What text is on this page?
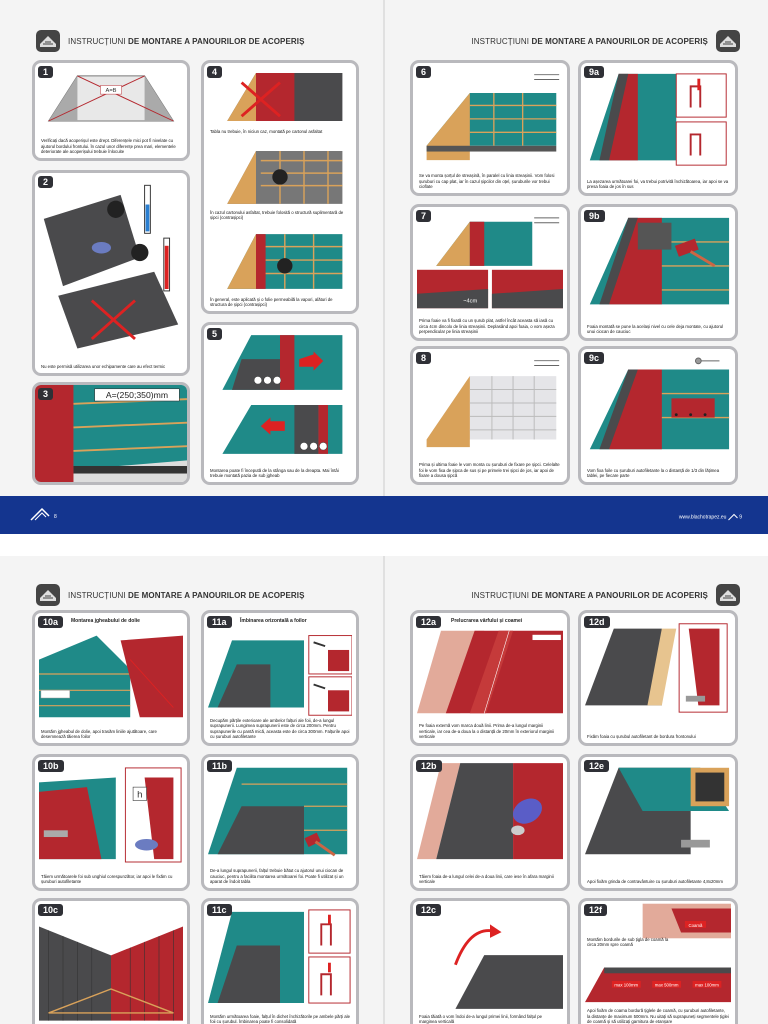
INSTRUCȚIUNI DE MONTARE A PANOURILOR DE ACOPERIȘ	INSTRUCȚIUNI DE MONTARE A PANOURILOR DE ACOPERIȘ
INSTRUCȚIUNI DE MONTARE A PANOURILOR DE ACOPERIȘ	INSTRUCȚIUNI DE MONTARE A PANOURILOR DE ACOPERIȘ
1
A=B
Verificați dacă acoperișul este drept. Diferențele mici pot fi nivelate cu ajutorul bordului frontului. În cazul unor diferențe prea mari, elementele deteriorate ale acoperișului trebuie înlocuite
2
Nu este permisă utilizarea unor echipamente care au efect termic
3	A=(250;350)mm
4
Tabla nu trebuie, în niciun caz, montată pe cartonul asfaltat
În cazul cartonului asfaltat, trebuie folosită o structură suplimentară de șipci (contrașipci)
În general, este aplicată și o folie permeabilă la vapori, alături de structura de șipci (contrașipci)
5
Montarea poate fi începută de la stânga sau de la dreapta. Mai întâi trebuie montată pazia de sub jgheab
6
Se va monta șorțul de streașină, în paralel cu linia streașinii. Vom folosi șuruburi cu cap plat, iar în cazul șipcilor din oțel, șuruburile vor trebui cioflate
7
~4cm
Prima foaie va fi fixată cu un șurub plat, astfel încât aceasta să iasă cu circa 4cm dincolo de linia streașinii. Deplasând apoi foaia, o vom așeza perpendicular pe linia streașinii
8
Prima și ultima foaie le vom monta cu șuruburi de fixare pe șipci. Celelalte foi le vom fixa de șipca de sus și pe primele trei șipci de jos, iar apoi de fixare a dousa șipcă
9a
La așezarea următoarei foi, va trebui potrivită închizătoarea, iar apoi se va presa foaia de jos în sus
9b
Foaia montată se pune la același nivel cu cele deja montate, cu ajutorul unui ciocan de cauciuc
9c
Vom fixa foile cu șuruburi autofiletante la o distanță de 1/3 din lățimea tablei, pe fiecare parte
8	www.blachotrapez.eu	9
10a	Montarea jgheabului de dolie
Montăm jgheabul de dolie, apoi trasăm liniile ajutătoare, care desemnează tăierea foilor
10b
h
Tăiem următoarele foi sub unghiul corespunzător, iar apoi le fixăm cu șuruburi autofiletante
10c
11a	Îmbinarea orizontală a foilor
Decupăm părțile exterioare ale ambelor falțuri ale foii, de-a lungul suprapunerii. Lungimea suprapunerii este de circa 200mm. Pentru suprapunerile cu pantă mică, aceasta este de circa 300mm. Falțurile apoi cu șuruburi autofiletante
11b
De-a lungul suprapunerii, falțul trebuie bătut cu ajutorul unui ciocan de cauciuc, pentru a facilita montarea următoarei foi. Poate fi utilizat și un aparat de îndoit tabla
11c
Montăm următoarea foaie, falțul în dichet închizătorile pe ambele părți ale foii cu șurubul. Îmbinarea poate fi consolidată
12a	Prelucrarea vârfului și coamei
Pe foaia externă vom marca două linii. Prima de-a lungul marginii verticale, iar cea de-a doua la o distanță de 20mm în exteriorul marginii verticale
12b
Tăiem foaia de-a lungul celei de-a doua linii, care iese în afara marginii verticale
12c
Foaia tăiată o vom îndoi de-a lungul primei linii, formând falțul pe marginea verticală
12d
Fixăm foaia cu șurubul autofiletant de bordura frontonului
12e
Apoi fixăm grinda de contravântuire cu șuruburi autofiletante 4,8x20mm
12f
Coamă
Montăm bordurile de sub țigla de coamă la circa 20mm spre coamă
max 100mm	max 500mm	max 100mm
Apoi fixăm de coama bordură țiglele de coamă, cu șuruburi autofiletante, la distanțe de maximum 500mm. Nu uitați să suprapuneți segmentele țiglei de coamă și să utilizați garnitura de etanșare
